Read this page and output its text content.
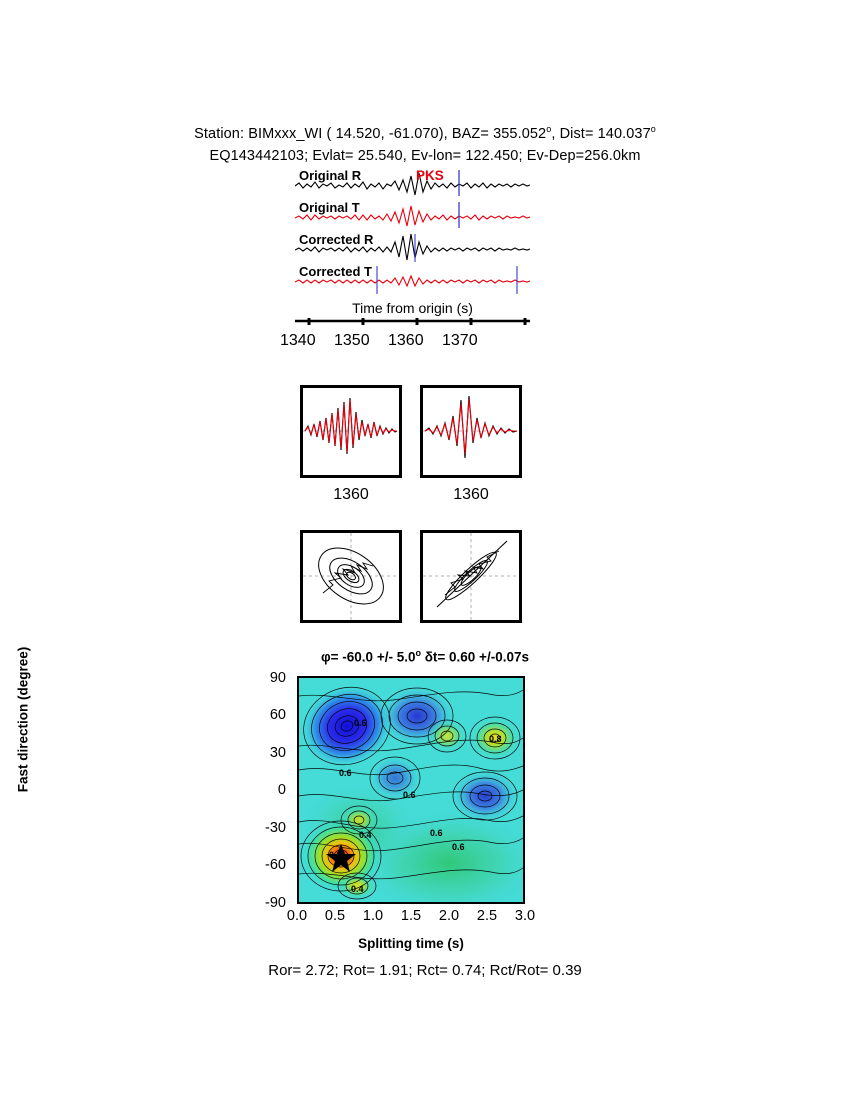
Station: BIMxxx_WI ( 14.520, -61.070), $BAZ= 355.052^o$, Dist= $140.037^o$
EQ143442103; Evlat= 25.540, Ev-lon= 122.450; Ev-Dep=256.0km
Original R
Original T
Corrected R
Corrected T
PKS
Time from origin (s)
1340 1350 1360 1370
1360	1360
φ= -60.0 +/- 5.0$^o$ δt= 0.60 +/-0.07s
Fast direction (degree)	90
60
30
0
-30
-60
-90
0.6
0.6
0.6
0.6
0.6
0.4
0.4
0.8
0.8
0.0	0.5	1.0	1.5	2.0	2.5	3.0
Splitting time (s)
Ror= 2.72; Rot= 1.91; Rct= 0.74; Rct/Rot= 0.39
